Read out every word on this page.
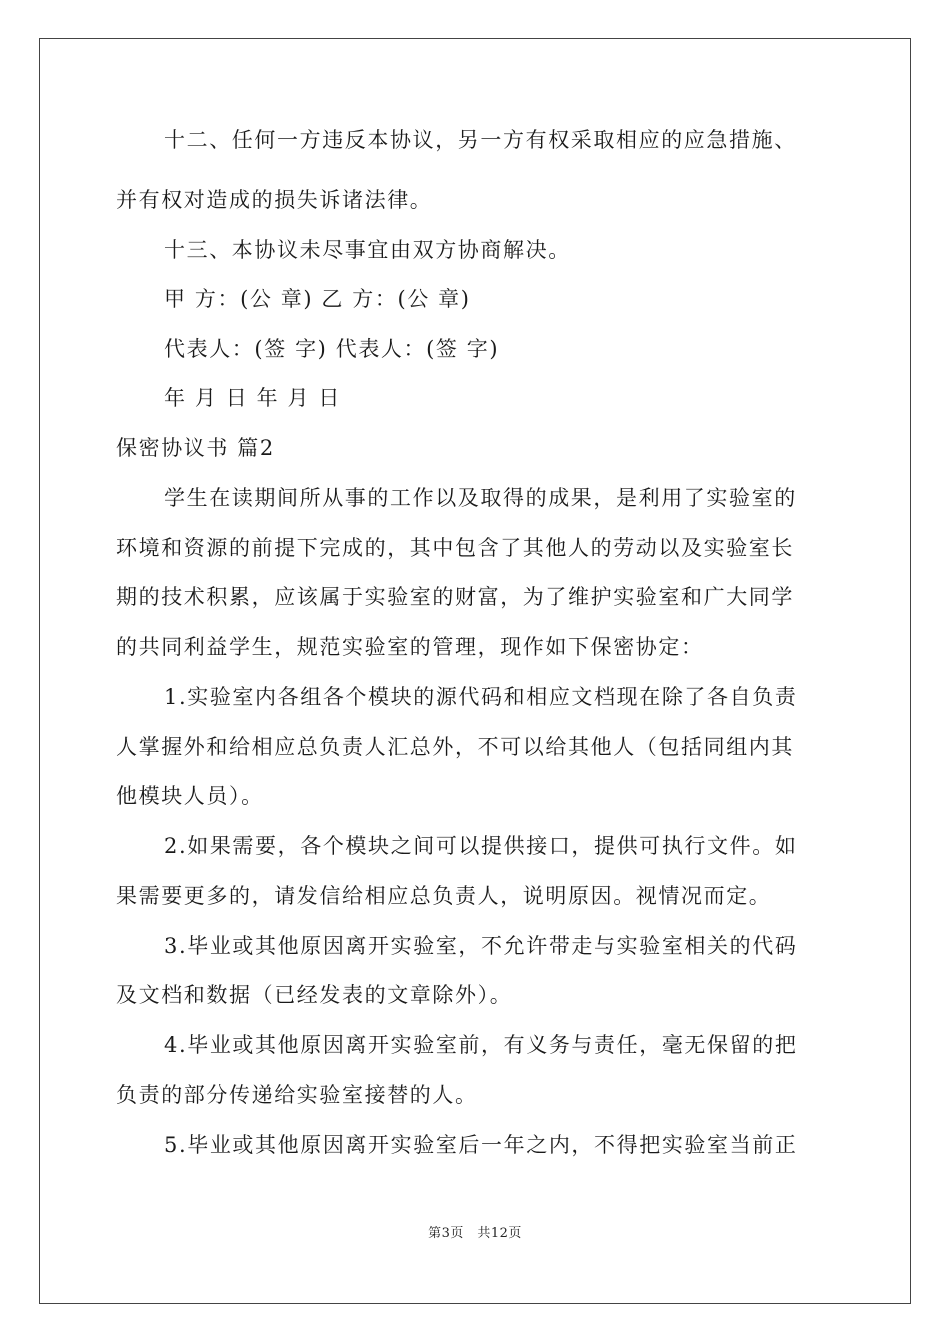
十二、任何一方违反本协议，另一方有权采取相应的应急措施、
并有权对造成的损失诉诸法律。
十三、本协议未尽事宜由双方协商解决。
甲 方：(公 章) 乙 方：(公 章)
代表人：(签 字) 代表人：(签 字)
年 月 日 年 月 日
保密协议书 篇2
学生在读期间所从事的工作以及取得的成果，是利用了实验室的
环境和资源的前提下完成的，其中包含了其他人的劳动以及实验室长
期的技术积累，应该属于实验室的财富，为了维护实验室和广大同学
的共同利益学生，规范实验室的管理，现作如下保密协定：
1.实验室内各组各个模块的源代码和相应文档现在除了各自负责
人掌握外和给相应总负责人汇总外，不可以给其他人（包括同组内其
他模块人员）。
2.如果需要，各个模块之间可以提供接口，提供可执行文件。如
果需要更多的，请发信给相应总负责人，说明原因。视情况而定。
3.毕业或其他原因离开实验室，不允许带走与实验室相关的代码
及文档和数据（已经发表的文章除外）。
4.毕业或其他原因离开实验室前，有义务与责任，毫无保留的把
负责的部分传递给实验室接替的人。
5.毕业或其他原因离开实验室后一年之内，不得把实验室当前正
第3页　共12页
